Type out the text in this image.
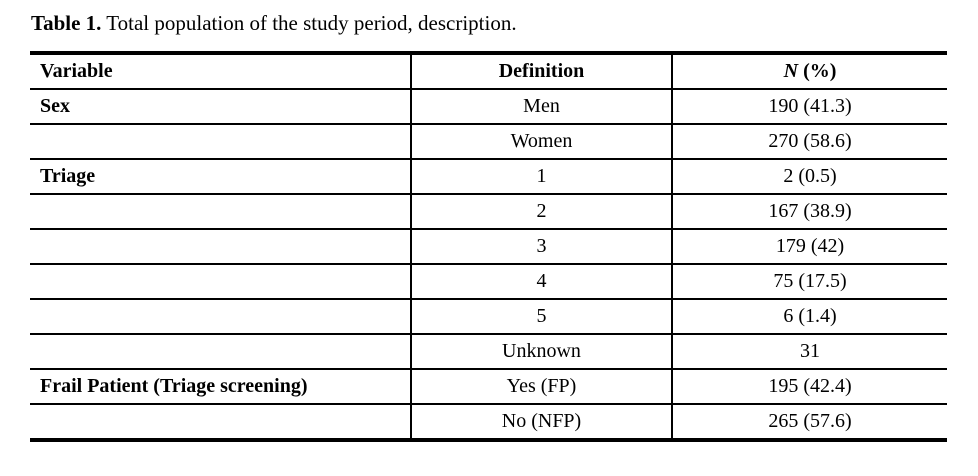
Table 1. Total population of the study period, description.

Variable	Definition	N (%)
Sex	Men	190 (41.3)
	Women	270 (58.6)
Triage	1	2 (0.5)
	2	167 (38.9)
	3	179 (42)
	4	75 (17.5)
	5	6 (1.4)
	Unknown	31
Frail Patient (Triage screening)	Yes (FP)	195 (42.4)
	No (NFP)	265 (57.6)
